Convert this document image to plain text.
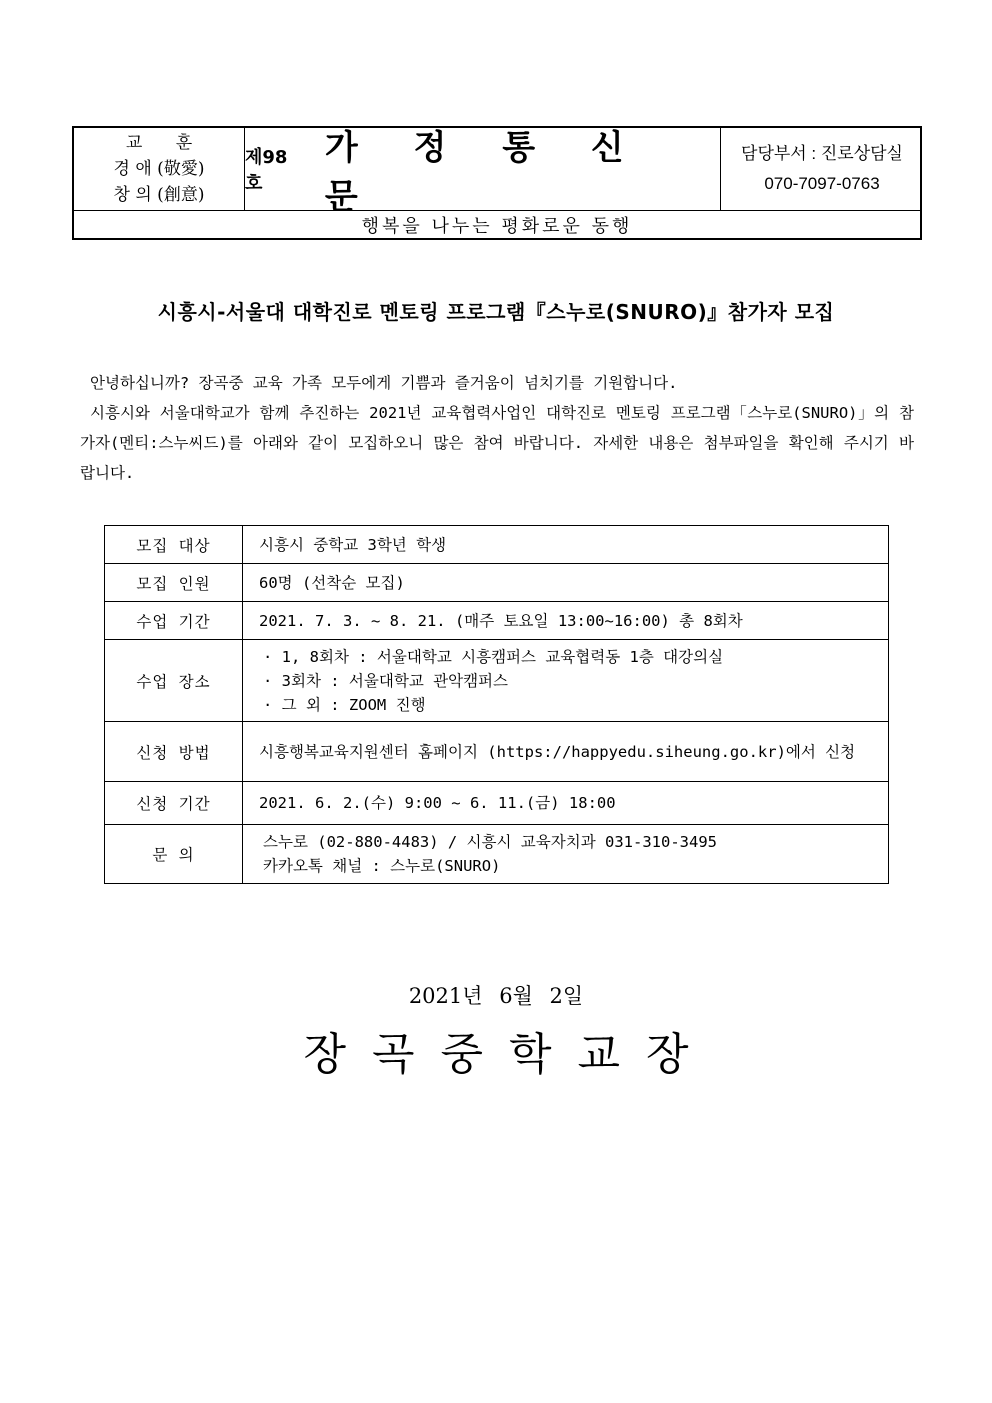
교 훈
경 애 (敬愛)
창 의 (創意)
제98호
가 정 통 신 문
담당부서 : 진로상담실
070-7097-0763
행복을 나누는 평화로운 동행
시흥시-서울대 대학진로 멘토링 프로그램『스누로(SNURO)』참가자 모집

안녕하십니까? 장곡중 교육 가족 모두에게 기쁨과 즐거움이 넘치기를 기원합니다.

시흥시와 서울대학교가 함께 추진하는 2021년 교육협력사업인 대학진로 멘토링 프로그램「스누로(SNURO)」의 참가자(멘티:스누씨드)를 아래와 같이 모집하오니 많은 참여 바랍니다. 자세한 내용은 첨부파일을 확인해 주시기 바랍니다.

모집 대상	시흥시 중학교 3학년 학생
모집 인원	60명 (선착순 모집)
수업 기간	2021. 7. 3. ~ 8. 21. (매주 토요일 13:00~16:00) 총 8회차
수업 장소	· 1, 8회차 : 서울대학교 시흥캠퍼스 교육협력동 1층 대강의실
· 3회차 : 서울대학교 관악캠퍼스
· 그 외 : ZOOM 진행

신청 방법	시흥행복교육지원센터 홈페이지 (https://happyedu.siheung.go.kr)에서 신청
신청 기간	2021. 6. 2.(수) 9:00 ~ 6. 11.(금) 18:00
문 의	스누로 (02-880-4483) / 시흥시 교육자치과 031-310-3495
카카오톡 채널 : 스누로(SNURO)
2021년 6월 2일
장곡중학교장
